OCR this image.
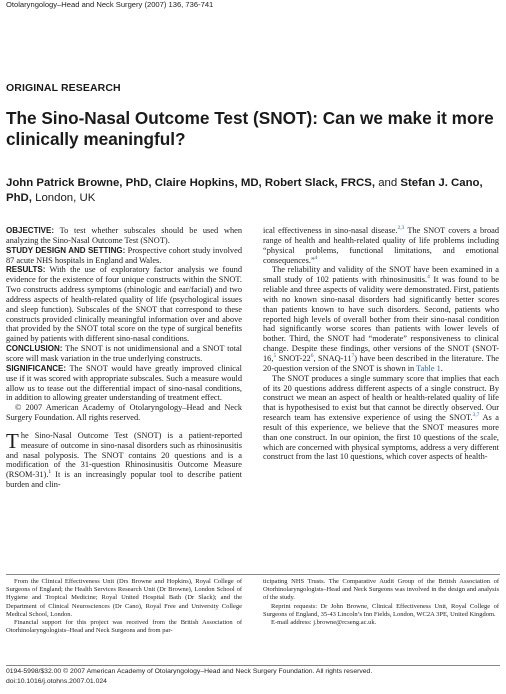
Otolaryngology–Head and Neck Surgery (2007) 136, 736-741
ORIGINAL RESEARCH
The Sino-Nasal Outcome Test (SNOT): Can we make it more clinically meaningful?
John Patrick Browne, PhD, Claire Hopkins, MD, Robert Slack, FRCS, and Stefan J. Cano, PhD, London, UK

OBJECTIVE: To test whether subscales should be used when analyzing the Sino-Nasal Outcome Test (SNOT).

STUDY DESIGN AND SETTING: Prospective cohort study involved 87 acute NHS hospitals in England and Wales.

RESULTS: With the use of exploratory factor analysis we found evidence for the existence of four unique constructs within the SNOT. Two constructs address symptoms (rhinologic and ear/facial) and two address aspects of health-related quality of life (psychological issues and sleep function). Subscales of the SNOT that correspond to these constructs provided clinically meaningful information over and above that provided by the SNOT total score on the type of surgical benefits gained by patients with different sino-nasal conditions.

CONCLUSION: The SNOT is not unidimensional and a SNOT total score will mask variation in the true underlying constructs.

SIGNIFICANCE: The SNOT would have greatly improved clinical use if it was scored with appropriate subscales. Such a measure would allow us to tease out the differential impact of sino-nasal conditions, in addition to allowing greater understanding of treatment effect.

© 2007 American Academy of Otolaryngology–Head and Neck Surgery Foundation. All rights reserved.

The Sino-Nasal Outcome Test (SNOT) is a patient-reported measure of outcome in sino-nasal disorders such as rhinosinusitis and nasal polyposis. The SNOT contains 20 questions and is a modification of the 31-question Rhinosinusitis Outcome Measure (RSOM-31).$^1$ It is an increasingly popular tool to describe patient burden and clin-

ical effectiveness in sino-nasal disease.$^{2,3}$ The SNOT covers a broad range of health and health-related quality of life problems including “physical problems, functional limitations, and emotional consequences.”$^4$

The reliability and validity of the SNOT have been examined in a small study of 102 patients with rhinosinusitis.$^4$ It was found to be reliable and three aspects of validity were demonstrated. First, patients with no known sino-nasal disorders had significantly better scores than patients known to have such disorders. Second, patients who reported high levels of overall bother from their sino-nasal condition had significantly worse scores than patients with lower levels of bother. Third, the SNOT had “moderate” responsiveness to clinical change. Despite these findings, other versions of the SNOT (SNOT-16,$^5$ SNOT-$22^6$, SNAQ-$11^7$) have been described in the literature. The 20-question version of the SNOT is shown in Table 1.

The SNOT produces a single summary score that implies that each of its 20 questions address different aspects of a single construct. By construct we mean an aspect of health or health-related quality of life that is hypothesised to exist but that cannot be directly observed. Our research team has extensive experience of using the SNOT.$^{3,7}$ As a result of this experience, we believe that the SNOT measures more than one construct. In our opinion, the first 10 questions of the scale, which are concerned with physical symptoms, address a very different construct from the last 10 questions, which cover aspects of health-

From the Clinical Effectiveness Unit (Drs Browne and Hopkins), Royal College of Surgeons of England; the Health Services Research Unit (Dr Browne), London School of Hygiene and Tropical Medicine; Royal United Hospital Bath (Dr Slack); and the Department of Clinical Neurosciences (Dr Cano), Royal Free and University College Medical School, London.

Financial support for this project was received from the British Association of Otorhinolaryngologists–Head and Neck Surgeons and from par-

ticipating NHS Trusts. The Comparative Audit Group of the British Association of Otorhinolaryngologists–Head and Neck Surgeons was involved in the design and analysis of the study.

Reprint requests: Dr John Browne, Clinical Effectiveness Unit, Royal College of Surgeons of England, 35-43 Lincoln’s Inn Fields, London, WC2A 3PE, United Kingdom.

E-mail address: j.browne@rcseng.ac.uk.

0194-5998/$32.00 © 2007 American Academy of Otolaryngology–Head and Neck Surgery Foundation. All rights reserved.
doi:10.1016/j.otohns.2007.01.024
